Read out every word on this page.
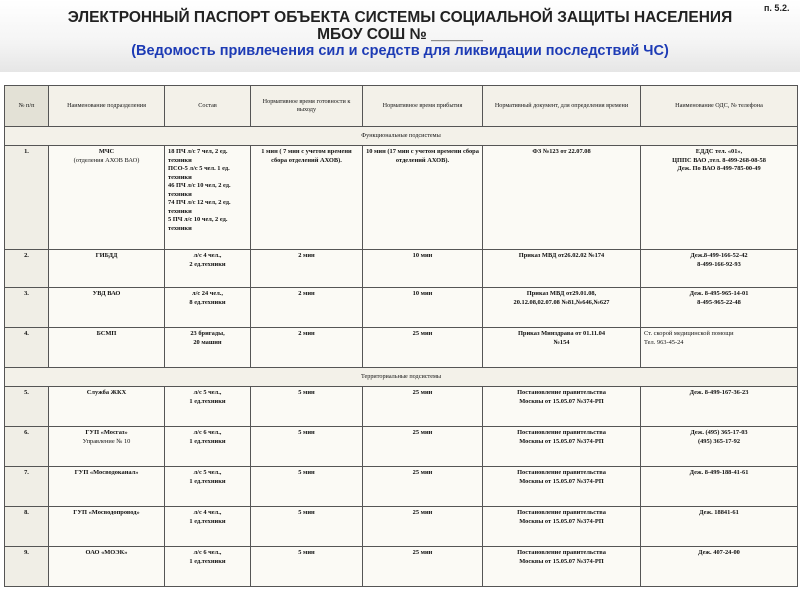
ЭЛЕКТРОННЫЙ ПАСПОРТ ОБЪЕКТА СИСТЕМЫ СОЦИАЛЬНОЙ ЗАЩИТЫ НАСЕЛЕНИЯ
МБОУ СОШ № ______
(Ведомость привлечения сил и средств для ликвидации последствий ЧС)
п. 5.2.
№ п/п	Наименование подразделения	Состав	Нормативное время готовности к выходу	Нормативное время прибытия	Нормативный документ, для определения времени	Наименование ОДС, № телефона
Функциональные подсистемы						
1.	МЧС
(отделения АХОВ ВАО)	18 ПЧ л/с 7 чел, 2 ед. техники
ПСО-5 л/с 5 чел. 1 ед. техники
46 ПЧ л/с 10 чел, 2 ед. техники
74 ПЧ л/с 12 чел, 2 ед. техники
5 ПЧ л/с 10 чел, 2 ед. техники	1 мин ( 7 мин с учетом времени сбора отделений АХОВ).	10 мин (17 мин с учетом времени сбора отделений АХОВ).	ФЗ №123 от 22.07.08	ЕДДС тел. «01»,
ЦППС ВАО ,тел. 8-499-268-08-58
Деж. По ВАО 8-499-785-00-49
2.	ГИБДД	л/с 4 чел.,
2 ед.техники	2 мин	10 мин	Приказ МВД от26.02.02 №174	Деж.8-499-166-52-42
8-499-166-92-93
3.	УВД ВАО	л/с 24 чел.,
8 ед.техники	2 мин	10 мин	Приказ МВД от29.01.08,
20.12.08,02.07.08 №81,№646,№627	Деж. 8-495-965-14-01
8-495-965-22-48
4.	БСМП	23 бригады,
20 машин	2 мин	25 мин	Приказ Минздрава от 01.11.04
№154	Ст. скорой медицинской помощи
Тел. 963-45-24
Территориальные подсистемы						
5.	Служба ЖКХ	л/с 5 чел.,
1 ед.техники	5 мин	25 мин	Постановление правительства
Москвы от 15.05.07 №374-РП	Деж. 8-499-167-36-23
6.	ГУП «Мосгаз»
Управление № 10	л/с 6 чел.,
1 ед.техники	5 мин	25 мин	Постановление правительства
Москвы от 15.05.07 №374-РП	Деж. (495) 365-17-03
(495) 365-17-92
7.	ГУП «Мосводоканал»	л/с 5 чел.,
1 ед.техники	5 мин	25 мин	Постановление правительства
Москвы от 15.05.07 №374-РП	Деж. 8-499-188-41-61
8.	ГУП «Мосводопровод»	л/с 4 чел.,
1 ед.техники	5 мин	25 мин	Постановление правительства
Москвы от 15.05.07 №374-РП	Деж. 18841-61
9.	ОАО «МОЭК»	л/с 6 чел.,
1 ед.техники	5 мин	25 мин	Постановление правительства
Москвы от 15.05.07 №374-РП	Деж. 407-24-00
